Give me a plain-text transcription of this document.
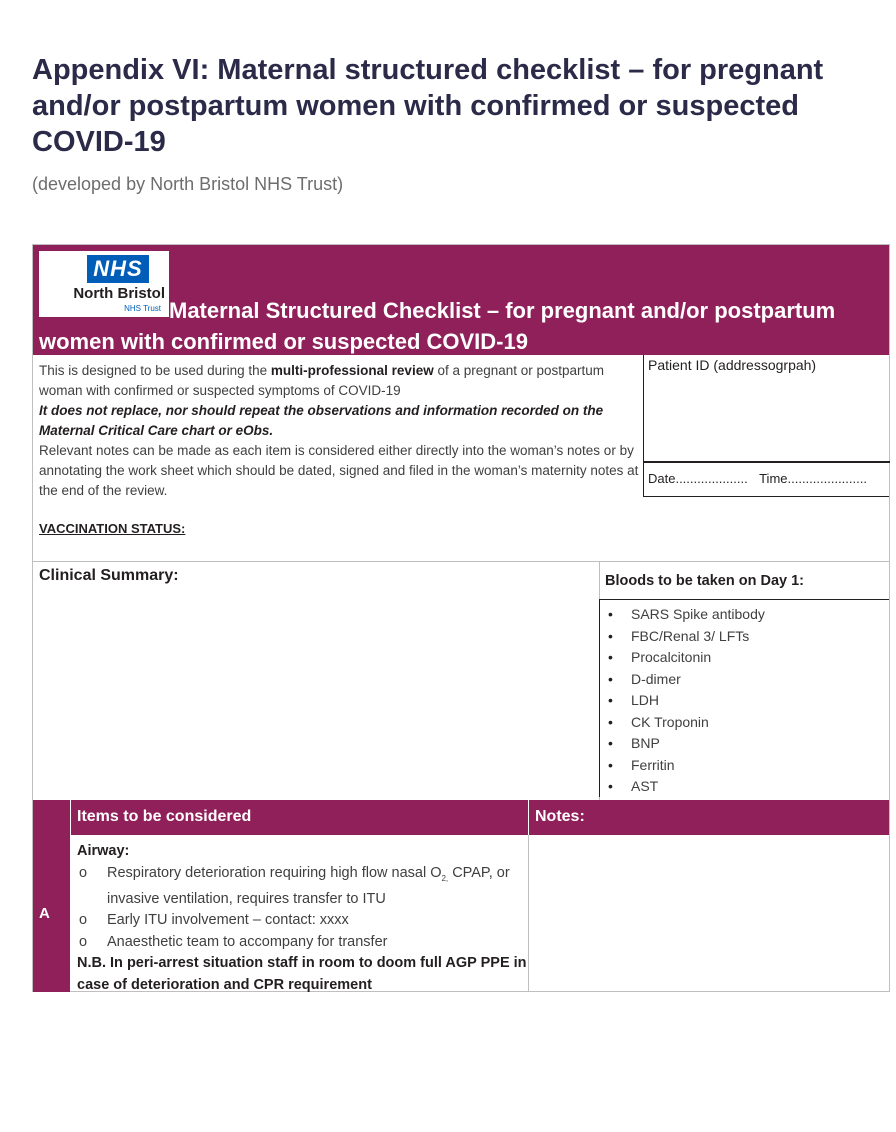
Appendix VI: Maternal structured checklist – for pregnant and/or postpartum women with confirmed or suspected COVID-19
(developed by North Bristol NHS Trust)
NHS
North Bristol
NHS Trust Maternal Structured Checklist – for pregnant and/or postpartum women with confirmed or suspected COVID-19
This is designed to be used during the multi-professional review of a pregnant or postpartum woman with confirmed or suspected symptoms of COVID-19
It does not replace, nor should repeat the observations and information recorded on the Maternal Critical Care chart or eObs.
Relevant notes can be made as each item is considered either directly into the woman’s notes or by annotating the work sheet which should be dated, signed and filed in the woman’s maternity notes at the end of the review.
Patient ID (addressogrpah)
Date.................... Time......................
VACCINATION STATUS:
Clinical Summary:	Bloods to be taken on Day 1:
• SARS Spike antibody
• FBC/Renal 3/ LFTs
• Procalcitonin
• D-dimer
• LDH
• CK Troponin
• BNP
• Ferritin
• AST
Items to be considered	Notes:
A
Airway:
o Respiratory deterioration requiring high flow nasal $O_{2,}$ CPAP, or invasive ventilation, requires transfer to ITU
o Early ITU involvement – contact: xxxx
o Anaesthetic team to accompany for transfer
N.B. In peri-arrest situation staff in room to doom full AGP PPE in case of deterioration and CPR requirement
